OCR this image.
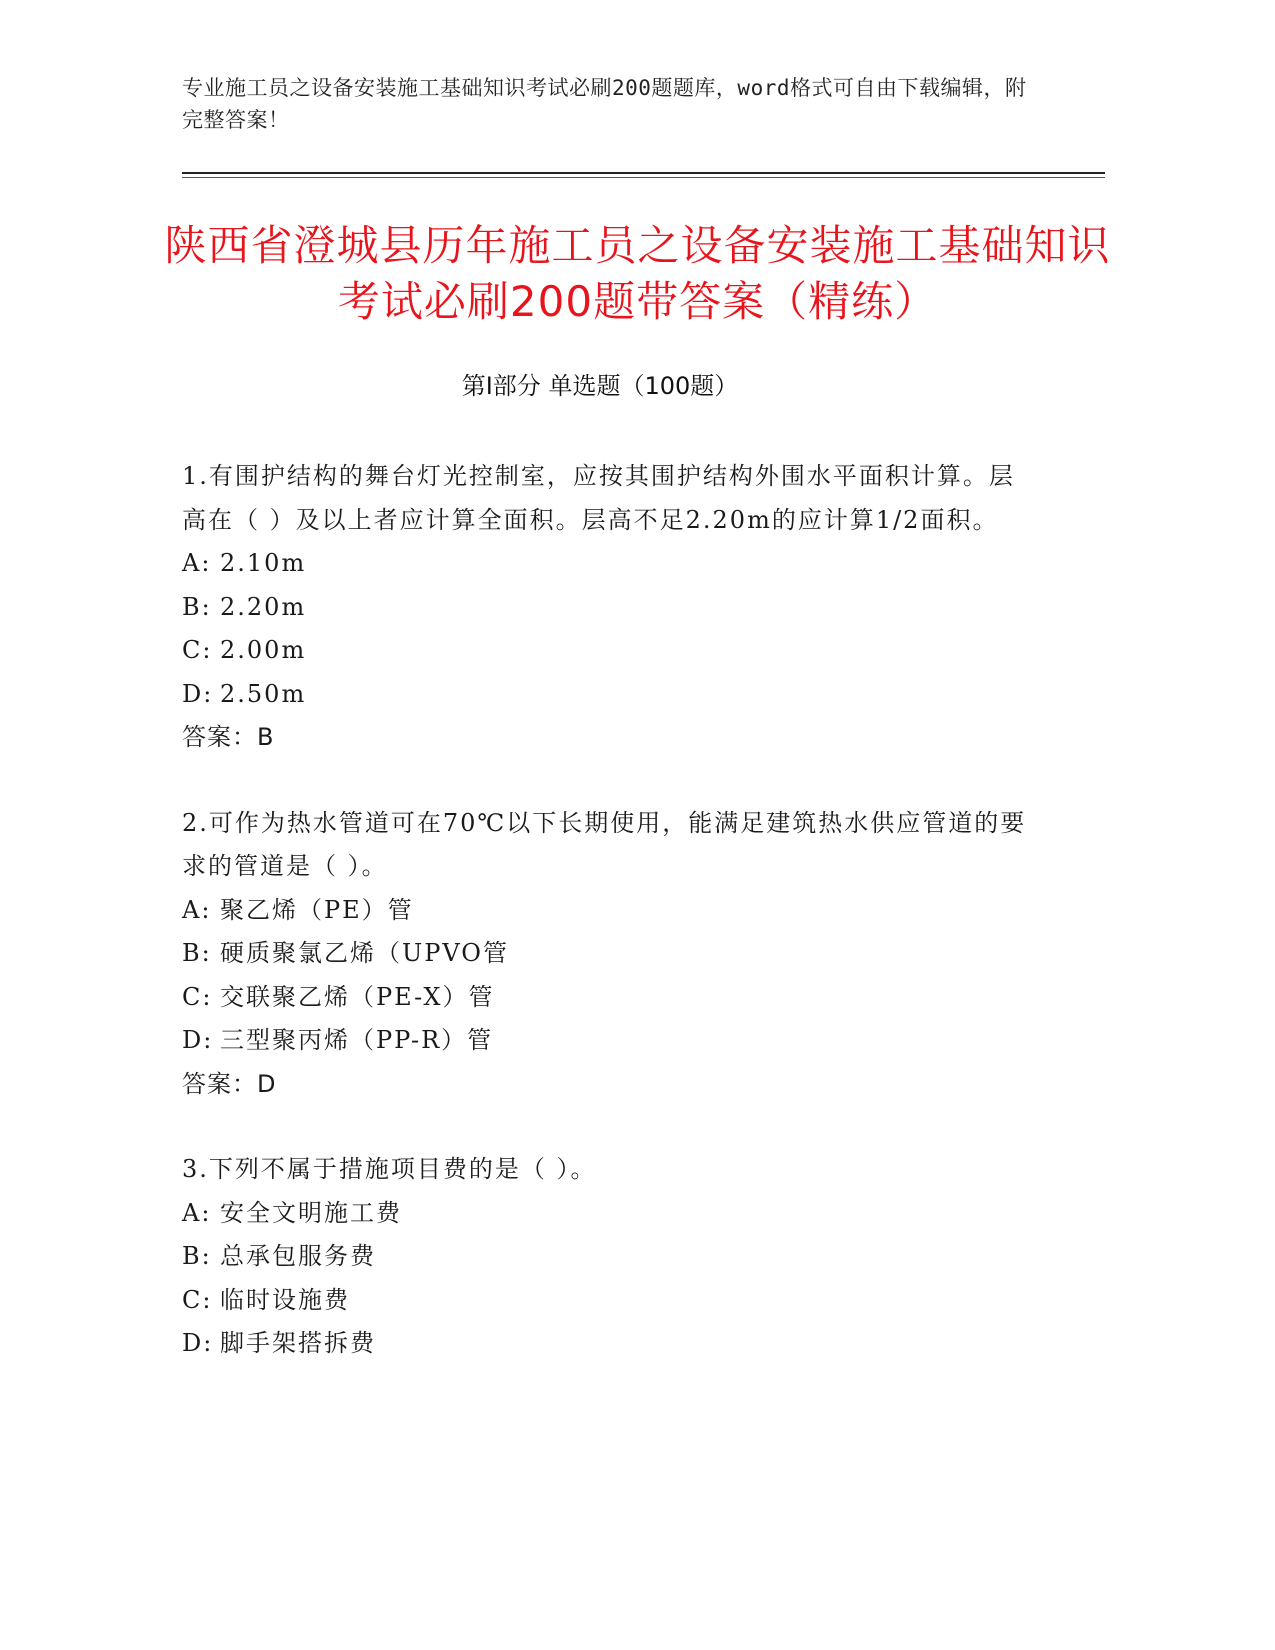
专业施工员之设备安装施工基础知识考试必刷200题题库，word格式可自由下载编辑，附完整答案！
陕西省澄城县历年施工员之设备安装施工基础知识考试必刷200题带答案（精练）
第Ⅰ部分 单选题（100题）

1.有围护结构的舞台灯光控制室，应按其围护结构外围水平面积计算。层高在（ ）及以上者应计算全面积。层高不足2.20m的应计算1/2面积。

A: 2.10m

B: 2.20m

C: 2.00m

D: 2.50m

答案：B

2.可作为热水管道可在70℃以下长期使用，能满足建筑热水供应管道的要求的管道是（ ）。

A: 聚乙烯（PE）管

B: 硬质聚氯乙烯（UPVO管

C: 交联聚乙烯（PE-X）管

D: 三型聚丙烯（PP-R）管

答案：D

3.下列不属于措施项目费的是（ ）。

A: 安全文明施工费

B: 总承包服务费

C: 临时设施费

D: 脚手架搭拆费
